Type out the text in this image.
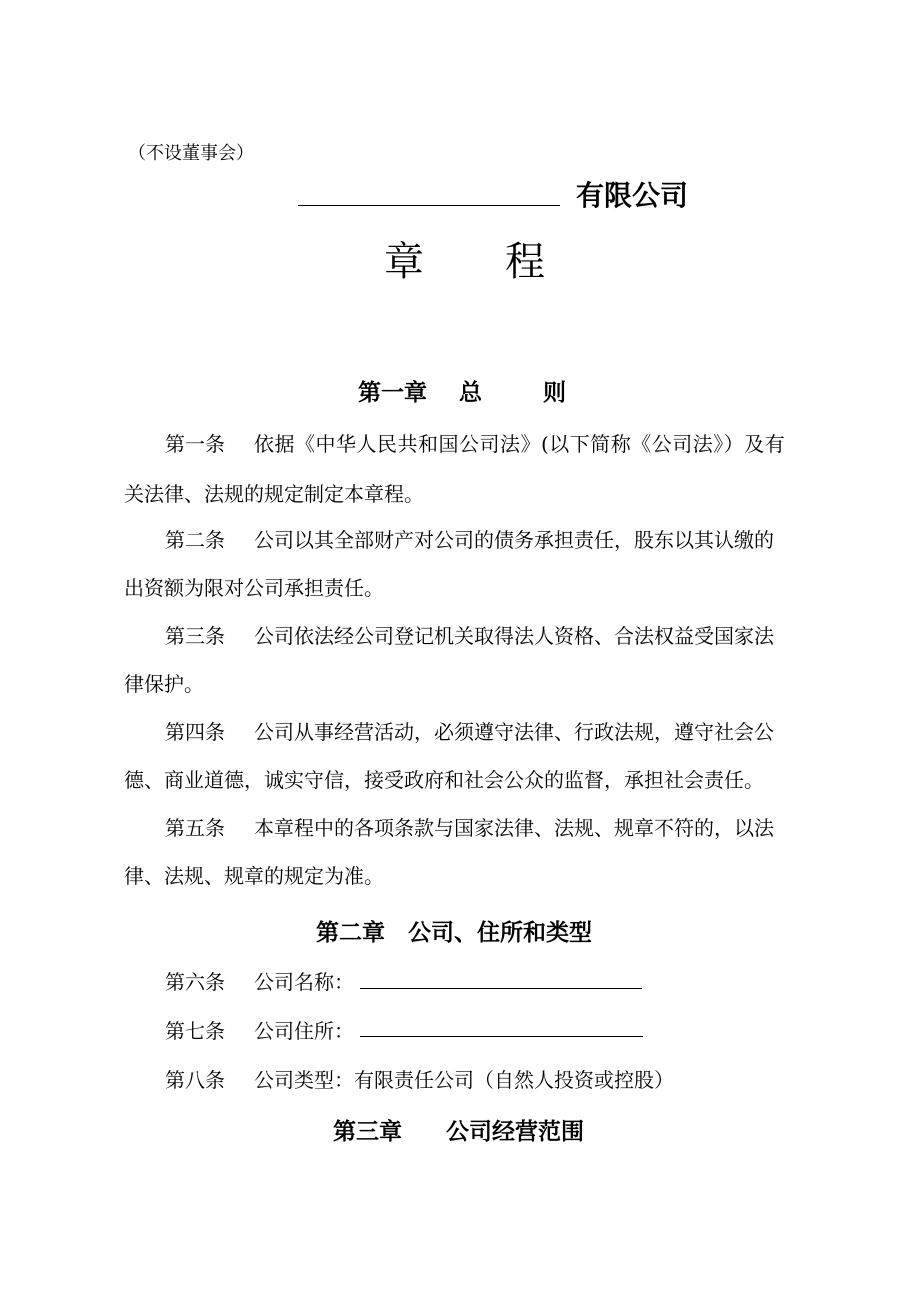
（不设董事会）
有限公司
章 程
第一章 总	则
第一条 依据《中华人民共和国公司法》(以下简称《公司法》）及有
关法律、法规的规定制定本章程。
第二条 公司以其全部财产对公司的债务承担责任，股东以其认缴的
出资额为限对公司承担责任。
第三条 公司依法经公司登记机关取得法人资格、合法权益受国家法
律保护。
第四条 公司从事经营活动，必须遵守法律、行政法规，遵守社会公
德、商业道德，诚实守信，接受政府和社会公众的监督，承担社会责任。
第五条 本章程中的各项条款与国家法律、法规、规章不符的，以法
律、法规、规章的规定为准。
第二章　公司、住所和类型
第六条 公司名称：
第七条 公司住所：
第八条 公司类型：有限责任公司（自然人投资或控股）
第三章 公司经营范围
